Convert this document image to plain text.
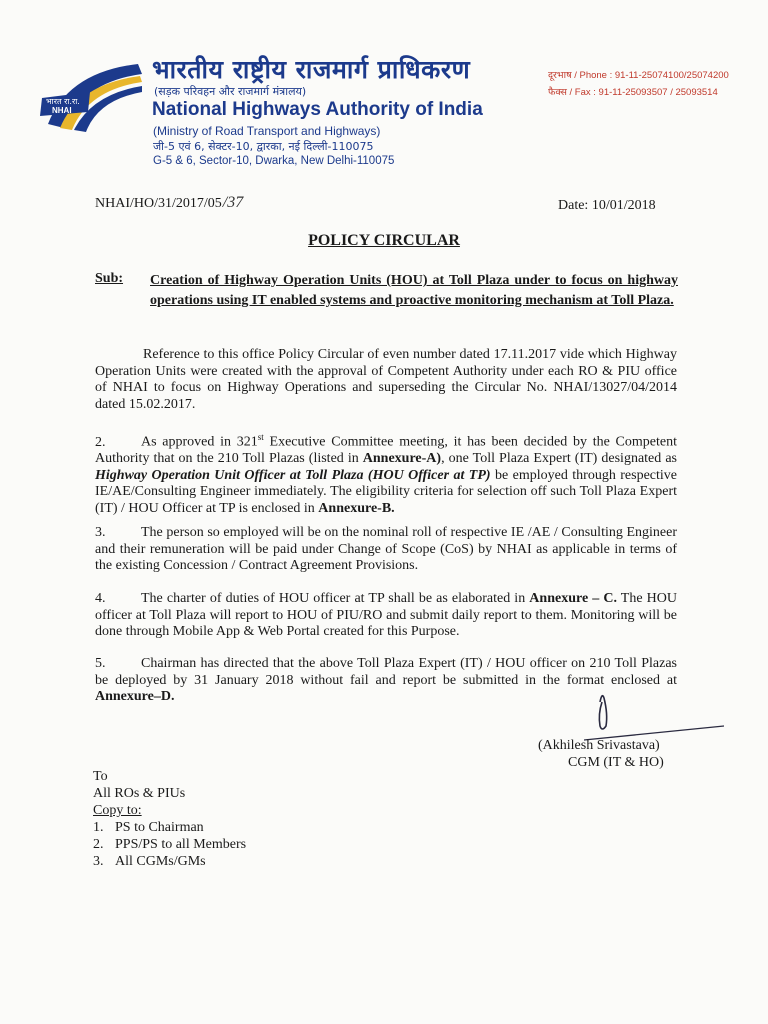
भारत रा.रा.
NHAI
भारतीय राष्ट्रीय राजमार्ग प्राधिकरण
(सड़क परिवहन और राजमार्ग मंत्रालय)
National Highways Authority of India
(Ministry of Road Transport and Highways)
जी-5 एवं 6, सेक्टर-10, द्वारका, नई दिल्ली-110075
G-5 & 6, Sector-10, Dwarka, New Delhi-110075
दूरभाष / Phone : 91-11-25074100/25074200
फैक्स / Fax : 91-11-25093507 / 25093514
NHAI/HO/31/2017/05/37	Date: 10/01/2018
POLICY CIRCULAR
Sub: Creation of Highway Operation Units (HOU) at Toll Plaza under to focus on highway operations using IT enabled systems and proactive monitoring mechanism at Toll Plaza.
Reference to this office Policy Circular of even number dated 17.11.2017 vide which Highway Operation Units were created with the approval of Competent Authority under each RO & PIU office of NHAI to focus on Highway Operations and superseding the Circular No. NHAI/13027/04/2014 dated 15.02.2017.
2.	As approved in 321st Executive Committee meeting, it has been decided by the Competent Authority that on the 210 Toll Plazas (listed in Annexure-A), one Toll Plaza Expert (IT) designated as Highway Operation Unit Officer at Toll Plaza (HOU Officer at TP) be employed through respective IE/AE/Consulting Engineer immediately. The eligibility criteria for selection off such Toll Plaza Expert (IT) / HOU Officer at TP is enclosed in Annexure-B.
3.	The person so employed will be on the nominal roll of respective IE /AE / Consulting Engineer and their remuneration will be paid under Change of Scope (CoS) by NHAI as applicable in terms of the existing Concession / Contract Agreement Provisions.
4.	The charter of duties of HOU officer at TP shall be as elaborated in Annexure – C. The HOU officer at Toll Plaza will report to HOU of PIU/RO and submit daily report to them. Monitoring will be done through Mobile App & Web Portal created for this Purpose.
5.	Chairman has directed that the above Toll Plaza Expert (IT) / HOU officer on 210 Toll Plazas be deployed by 31 January 2018 without fail and report be submitted in the format enclosed at Annexure–D.
(Akhilesh Srivastava)
CGM (IT & HO)
To
All ROs & PIUs
Copy to:
1. PS to Chairman
2. PPS/PS to all Members
3. All CGMs/GMs
